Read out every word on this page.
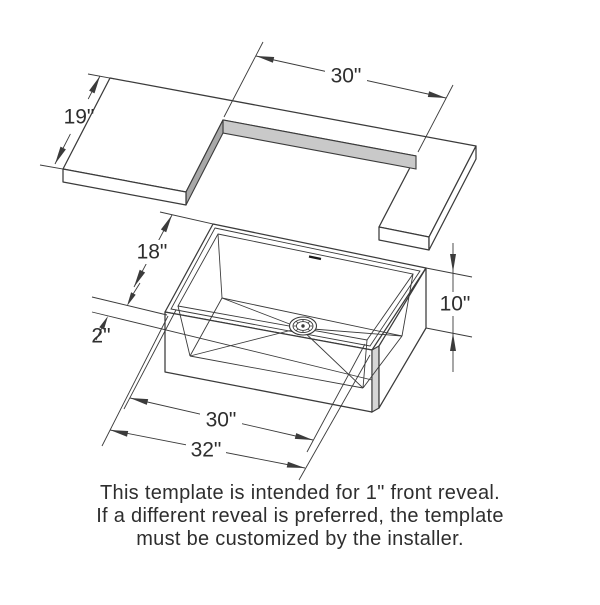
30"
19"
18"
2"
10"
30"
32"
This template is intended for 1" front reveal.
If a different reveal is preferred, the template
must be customized by the installer.
